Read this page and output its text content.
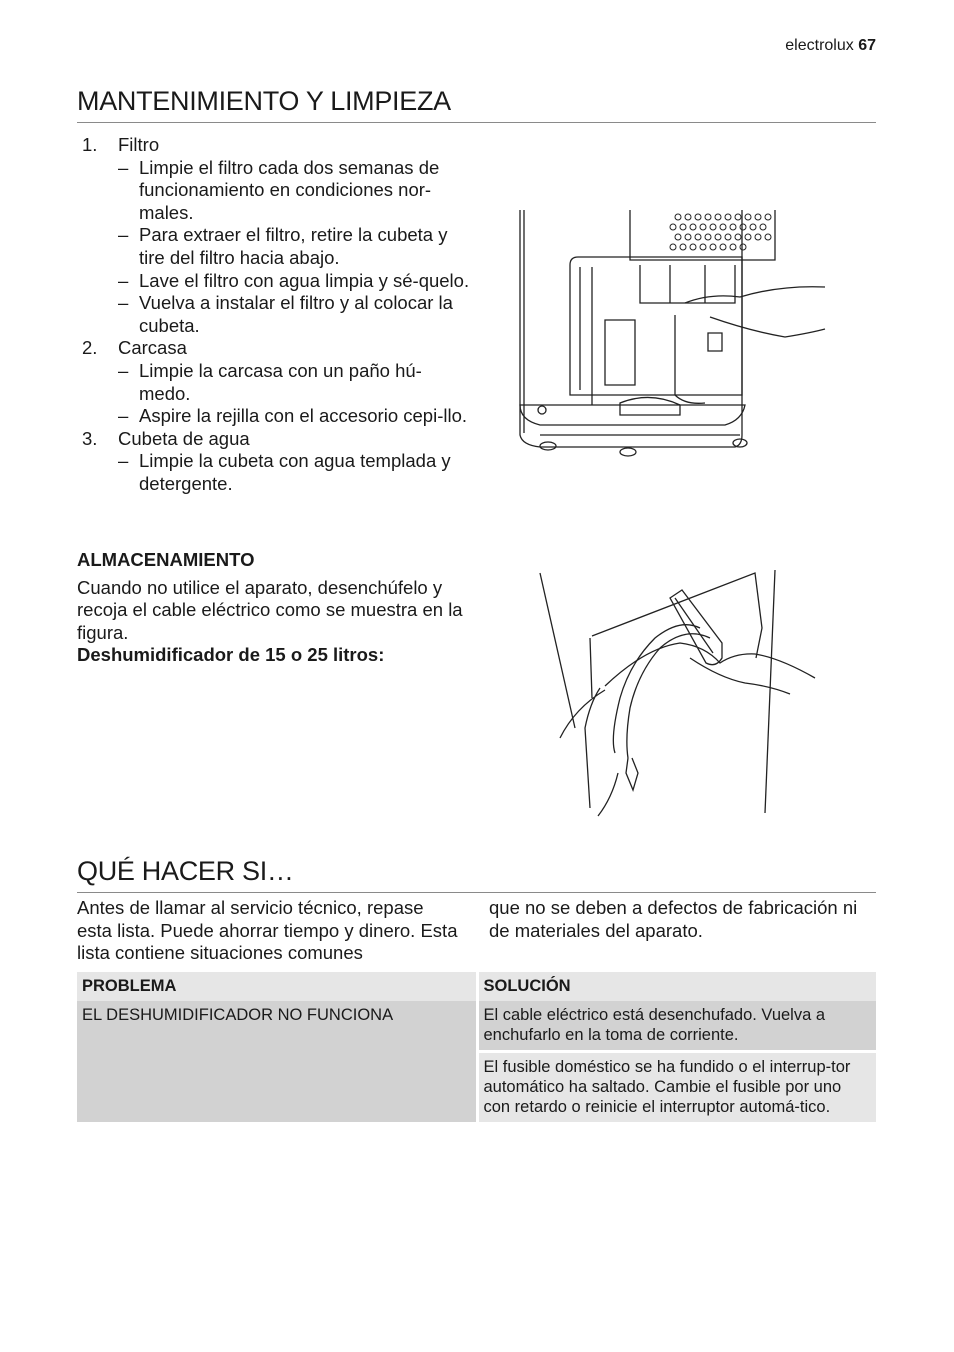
electrolux 67
MANTENIMIENTO Y LIMPIEZA
1. Filtro
– Limpie el filtro cada dos semanas de funcionamiento en condiciones nor-males.
– Para extraer el filtro, retire la cubeta y tire del filtro hacia abajo.
– Lave el filtro con agua limpia y sé-quelo.
– Vuelva a instalar el filtro y al colocar la cubeta.
2. Carcasa
– Limpie la carcasa con un paño hú-medo.
– Aspire la rejilla con el accesorio cepi-llo.
3. Cubeta de agua
– Limpie la cubeta con agua templada y detergente.
ALMACENAMIENTO

Cuando no utilice el aparato, desenchúfelo y recoja el cable eléctrico como se muestra en la figura.

Deshumidificador de 15 o 25 litros:

QUÉ HACER SI…
Antes de llamar al servicio técnico, repase esta lista. Puede ahorrar tiempo y dinero. Esta lista contiene situaciones comunes
que no se deben a defectos de fabricación ni de materiales del aparato.
PROBLEMA	SOLUCIÓN
EL DESHUMIDIFICADOR NO FUNCIONA	El cable eléctrico está desenchufado. Vuelva a enchufarlo en la toma de corriente.
	El fusible doméstico se ha fundido o el interrup-tor automático ha saltado. Cambie el fusible por uno con retardo o reinicie el interruptor automá-tico.
